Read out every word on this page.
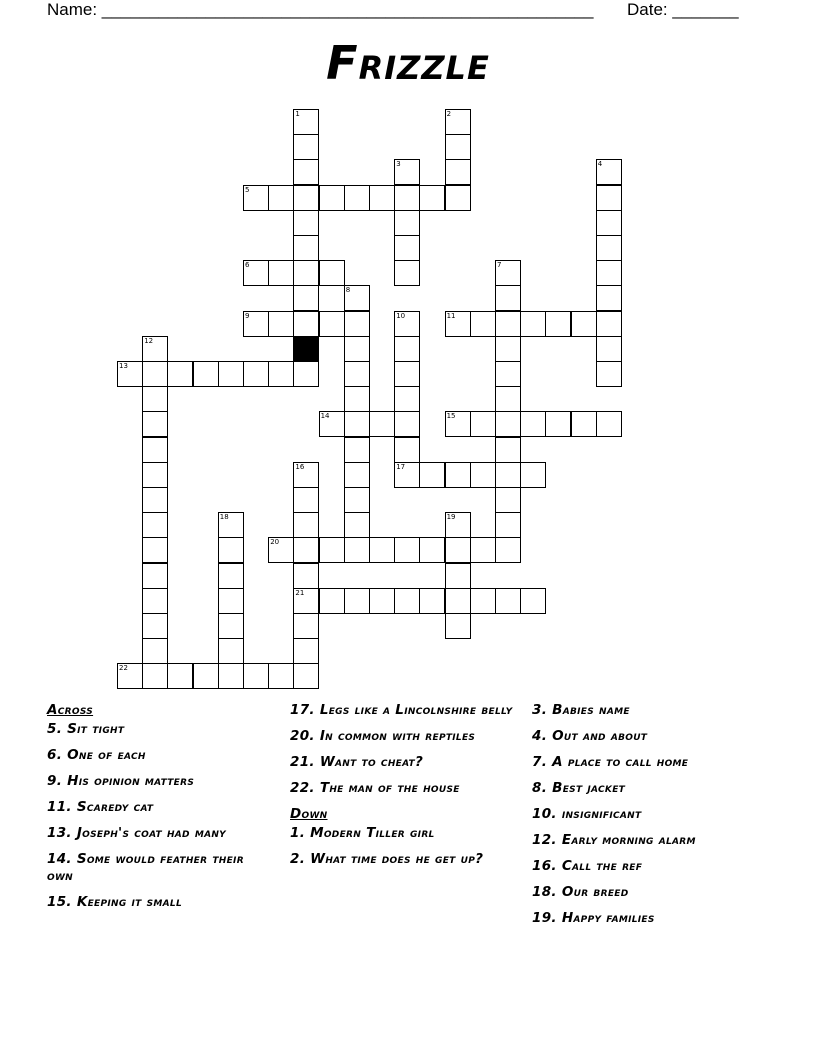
Name: ____________________________________________________ Date: _______
Frizzle
1	2
3	4
5
6	7
8
9	10	11
12
13
14	15
16	17
18	19
20
21
22
Across
5. Sit tight
6. One of each
9. His opinion matters
11. Scaredy cat
13. Joseph's coat had many
14. Some would feather their own
15. Keeping it small
17. Legs like a Lincolnshire belly
20. In common with reptiles
21. Want to cheat?
22. The man of the house
Down
1. Modern Tiller girl
2. What time does he get up?
3. Babies name
4. Out and about
7. A place to call home
8. Best jacket
10. insignificant
12. Early morning alarm
16. Call the ref
18. Our breed
19. Happy families
